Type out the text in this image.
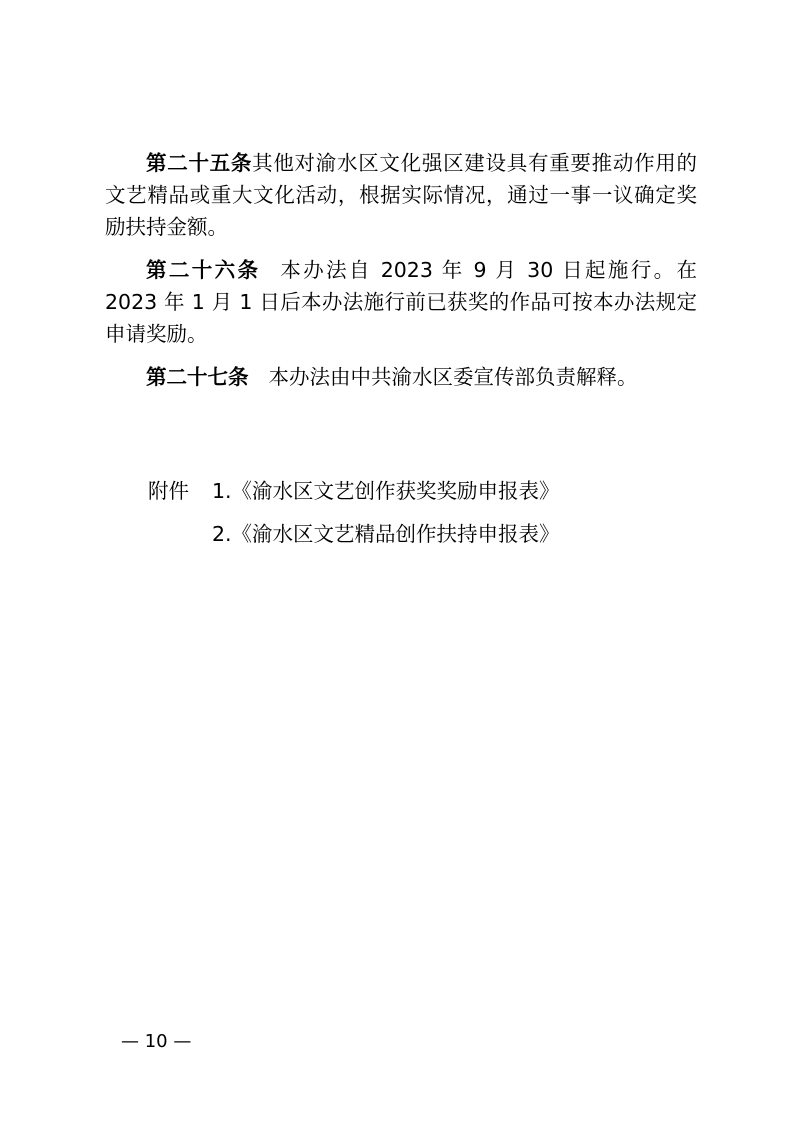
第二十五条其他对渝水区文化强区建设具有重要推动作用的文艺精品或重大文化活动，根据实际情况，通过一事一议确定奖励扶持金额。

第二十六条 本办法自 2023 年 9 月 30 日起施行。在 2023 年 1 月 1 日后本办法施行前已获奖的作品可按本办法规定申请奖励。

第二十七条 本办法由中共渝水区委宣传部负责解释。

附件	1.《渝水区文艺创作获奖奖励申报表》
2.《渝水区文艺精品创作扶持申报表》
— 10 —
